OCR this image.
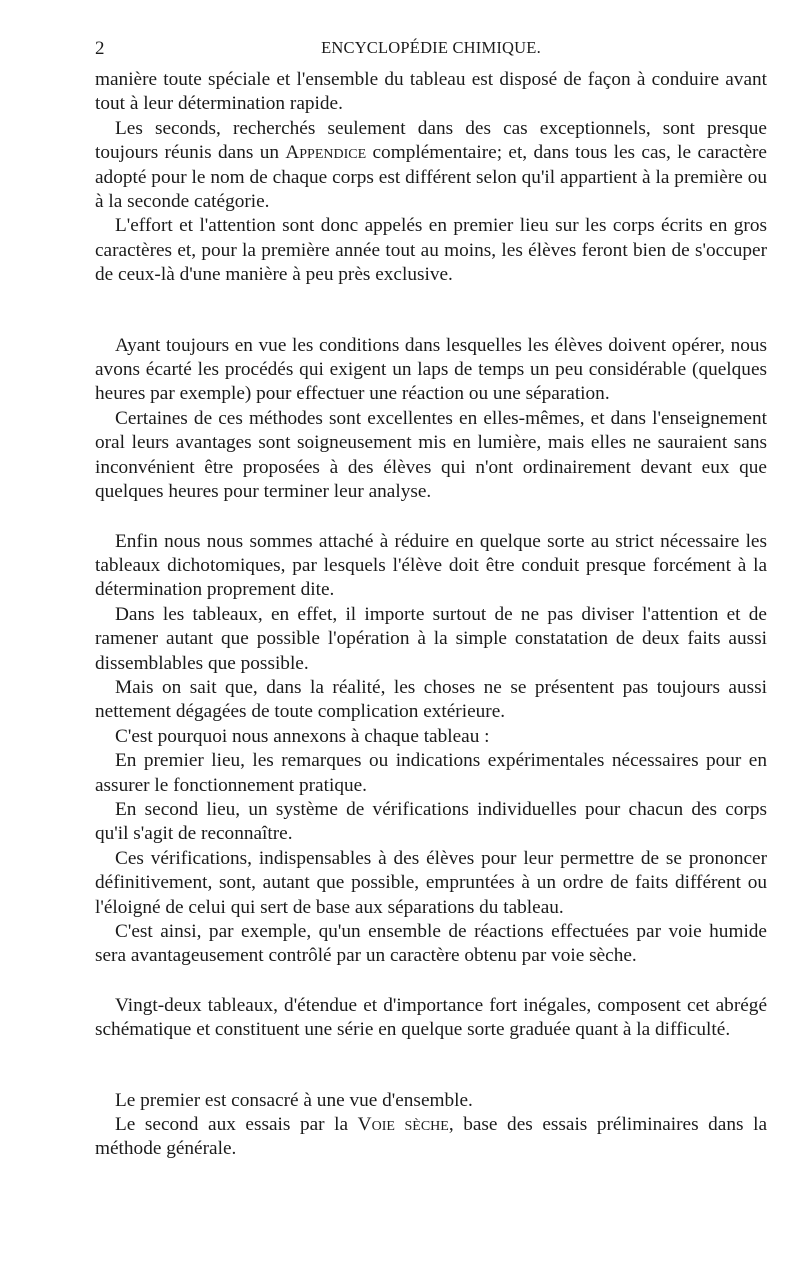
2	ENCYCLOPÉDIE CHIMIQUE.

manière toute spéciale et l'ensemble du tableau est disposé de façon à conduire avant tout à leur détermination rapide.

Les seconds, recherchés seulement dans des cas exceptionnels, sont presque toujours réunis dans un Appendice complémentaire; et, dans tous les cas, le caractère adopté pour le nom de chaque corps est différent selon qu'il appartient à la première ou à la seconde catégorie.

L'effort et l'attention sont donc appelés en premier lieu sur les corps écrits en gros caractères et, pour la première année tout au moins, les élèves feront bien de s'occuper de ceux-là d'une manière à peu près exclusive.

Ayant toujours en vue les conditions dans lesquelles les élèves doivent opérer, nous avons écarté les procédés qui exigent un laps de temps un peu considérable (quelques heures par exemple) pour effectuer une réaction ou une séparation.

Certaines de ces méthodes sont excellentes en elles-mêmes, et dans l'enseignement oral leurs avantages sont soigneusement mis en lumière, mais elles ne sauraient sans inconvénient être proposées à des élèves qui n'ont ordinairement devant eux que quelques heures pour terminer leur analyse.

Enfin nous nous sommes attaché à réduire en quelque sorte au strict nécessaire les tableaux dichotomiques, par lesquels l'élève doit être conduit presque forcément à la détermination proprement dite.

Dans les tableaux, en effet, il importe surtout de ne pas diviser l'attention et de ramener autant que possible l'opération à la simple constatation de deux faits aussi dissemblables que possible.

Mais on sait que, dans la réalité, les choses ne se présentent pas toujours aussi nettement dégagées de toute complication extérieure.

C'est pourquoi nous annexons à chaque tableau :

En premier lieu, les remarques ou indications expérimentales nécessaires pour en assurer le fonctionnement pratique.

En second lieu, un système de vérifications individuelles pour chacun des corps qu'il s'agit de reconnaître.

Ces vérifications, indispensables à des élèves pour leur permettre de se prononcer définitivement, sont, autant que possible, empruntées à un ordre de faits différent ou l'éloigné de celui qui sert de base aux séparations du tableau.

C'est ainsi, par exemple, qu'un ensemble de réactions effectuées par voie humide sera avantageusement contrôlé par un caractère obtenu par voie sèche.

Vingt-deux tableaux, d'étendue et d'importance fort inégales, composent cet abrégé schématique et constituent une série en quelque sorte graduée quant à la difficulté.

Le premier est consacré à une vue d'ensemble.

Le second aux essais par la Voie sèche, base des essais préliminaires dans la méthode générale.
